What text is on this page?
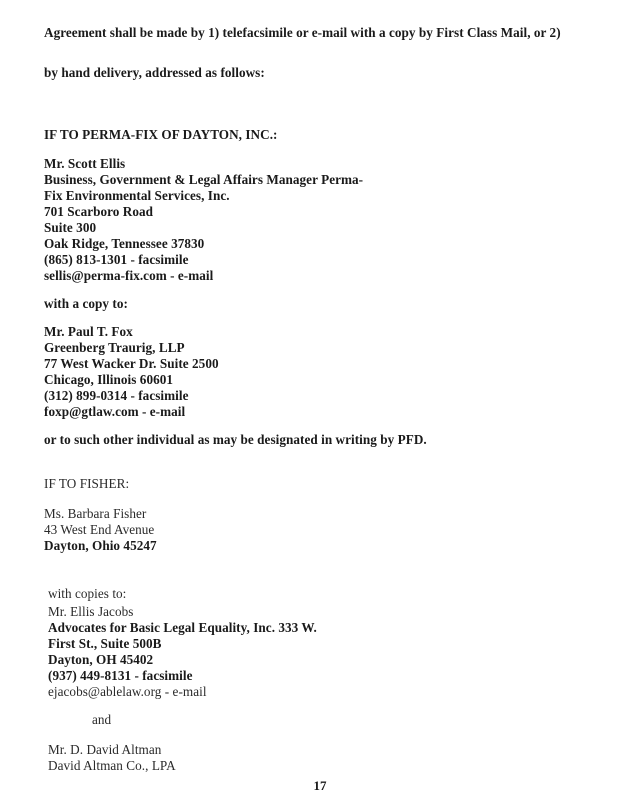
Agreement shall be made by 1) telefacsimile or e-mail with a copy by First Class Mail, or 2)
by hand delivery, addressed as follows:
IF TO PERMA-FIX OF DAYTON, INC.:
Mr. Scott Ellis
Business, Government & Legal Affairs Manager Perma-
Fix Environmental Services, Inc.
701 Scarboro Road
Suite 300
Oak Ridge, Tennessee 37830
(865) 813-1301 - facsimile
sellis@perma-fix.com - e-mail
with a copy to:
Mr. Paul T. Fox
Greenberg Traurig, LLP
77 West Wacker Dr. Suite 2500
Chicago, Illinois 60601
(312) 899-0314 - facsimile
foxp@gtlaw.com - e-mail
or to such other individual as may be designated in writing by PFD.
IF TO FISHER:
Ms. Barbara Fisher
43 West End Avenue
Dayton, Ohio 45247
with copies to:
Mr. Ellis Jacobs
Advocates for Basic Legal Equality, Inc. 333 W.
First St., Suite 500B
Dayton, OH 45402
(937) 449-8131 - facsimile
ejacobs@ablelaw.org - e-mail
and
Mr. D. David Altman
David Altman Co., LPA
17
